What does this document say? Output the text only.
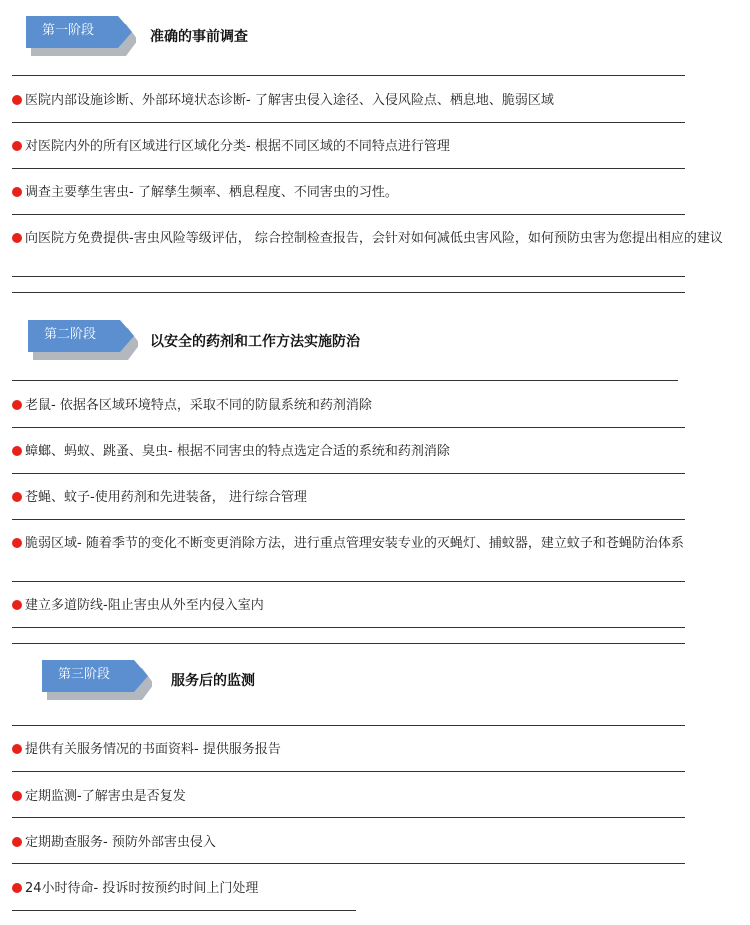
第一阶段	准确的事前调查
医院内部设施诊断、外部环境状态诊断- 了解害虫侵入途径、入侵风险点、栖息地、脆弱区域
对医院内外的所有区域进行区域化分类- 根据不同区域的不同特点进行管理
调查主要孳生害虫- 了解孳生频率、栖息程度、不同害虫的习性。
向医院方免费提供-害虫风险等级评估， 综合控制检查报告，会针对如何减低虫害风险，如何预防虫害为您提出相应的建议
第二阶段	以安全的药剂和工作方法实施防治
老鼠- 依据各区域环境特点，采取不同的防鼠系统和药剂消除
蟑螂、蚂蚁、跳蚤、臭虫- 根据不同害虫的特点选定合适的系统和药剂消除
苍蝇、蚊子-使用药剂和先进装备， 进行综合管理
脆弱区域- 随着季节的变化不断变更消除方法，进行重点管理安装专业的灭蝇灯、捕蚊器，建立蚊子和苍蝇防治体系
建立多道防线-阻止害虫从外至内侵入室内
第三阶段	服务后的监测
提供有关服务情况的书面资料- 提供服务报告
定期监测-了解害虫是否复发
定期勘查服务- 预防外部害虫侵入
24小时待命- 投诉时按预约时间上门处理
